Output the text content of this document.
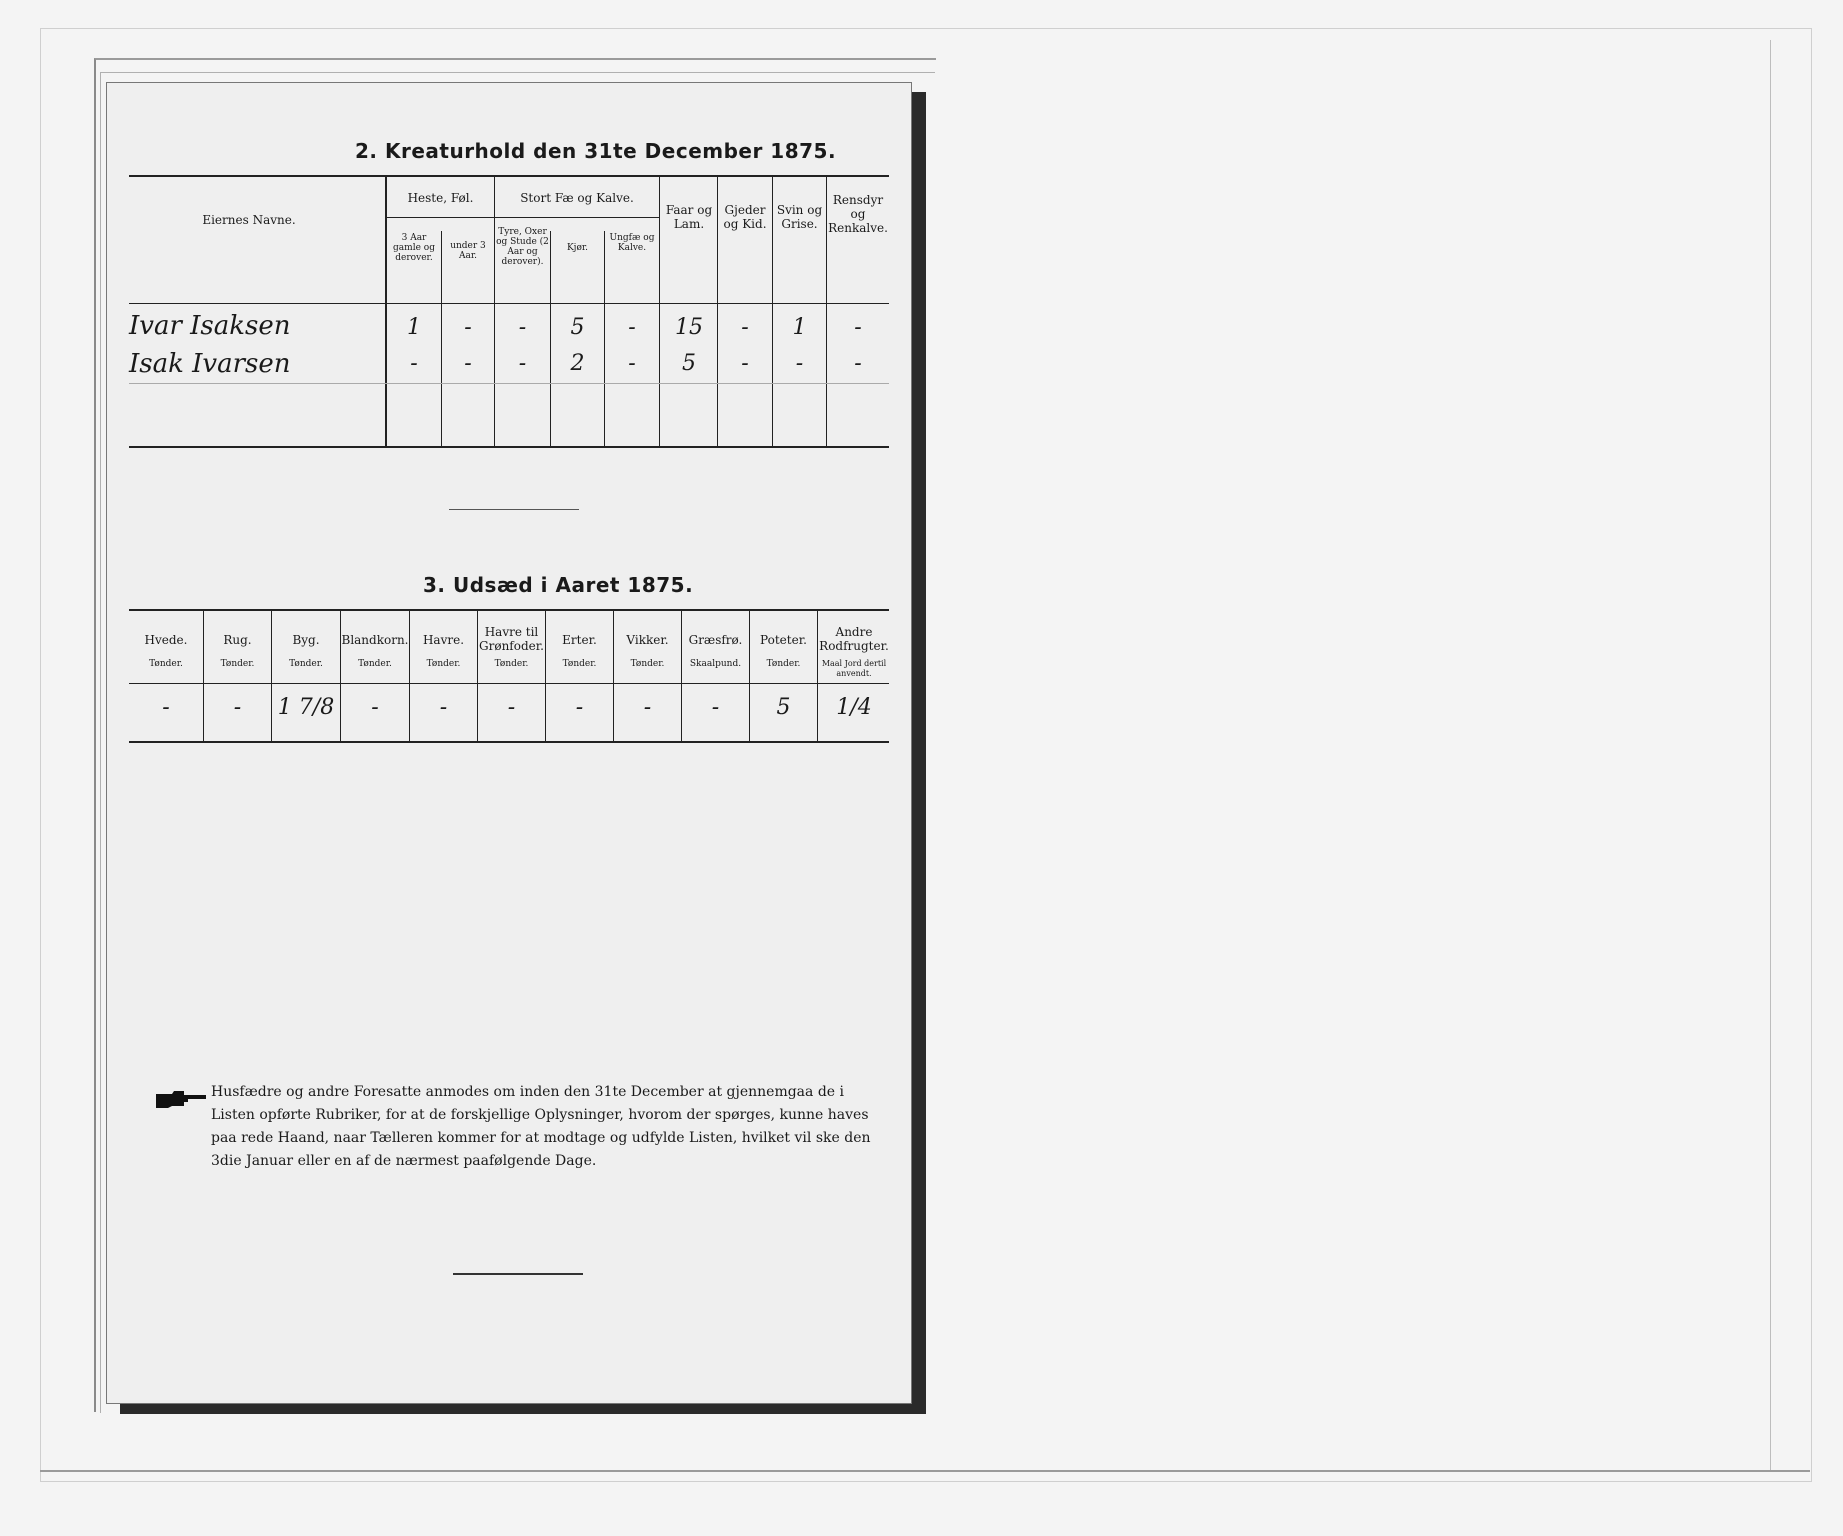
2. Kreaturhold den 31te December 1875.
Eiernes Navne.
Heste, Føl.	Stort Fæ og Kalve.
3 Aar gamle og derover.
under 3 Aar.
Tyre, Oxer og Stude (2 Aar og derover).
Kjør.
Ungfæ og Kalve.
Faar og Lam.
Gjeder og Kid.
Svin og Grise.
Rensdyr og Renkalve.
Ivar Isaksen	1	-	-	5	-	15	-	1	-
Isak Ivarsen	-	-	-	2	-	5	-	-	-
3. Udsæd i Aaret 1875.
Hvede.
Tønder.
Rug.
Tønder.
Byg.
Tønder.
Blandkorn.
Tønder.
Havre.
Tønder.
Havre til Grønfoder.
Tønder.
Erter.
Tønder.
Vikker.
Tønder.
Græsfrø.
Skaalpund.
Poteter.
Tønder.
Andre Rodfrugter.
Maal Jord dertil anvendt.
-	-	1 7/8	-	-	-	-	-	-	5	1/4
Husfædre og andre Foresatte anmodes om inden den 31te December at gjennemgaa de i Listen opførte Rubriker, for at de forskjellige Oplysninger, hvorom der spørges, kunne haves paa rede Haand, naar Tælleren kommer for at modtage og udfylde Listen, hvilket vil ske den 3die Januar eller en af de nærmest paafølgende Dage.
